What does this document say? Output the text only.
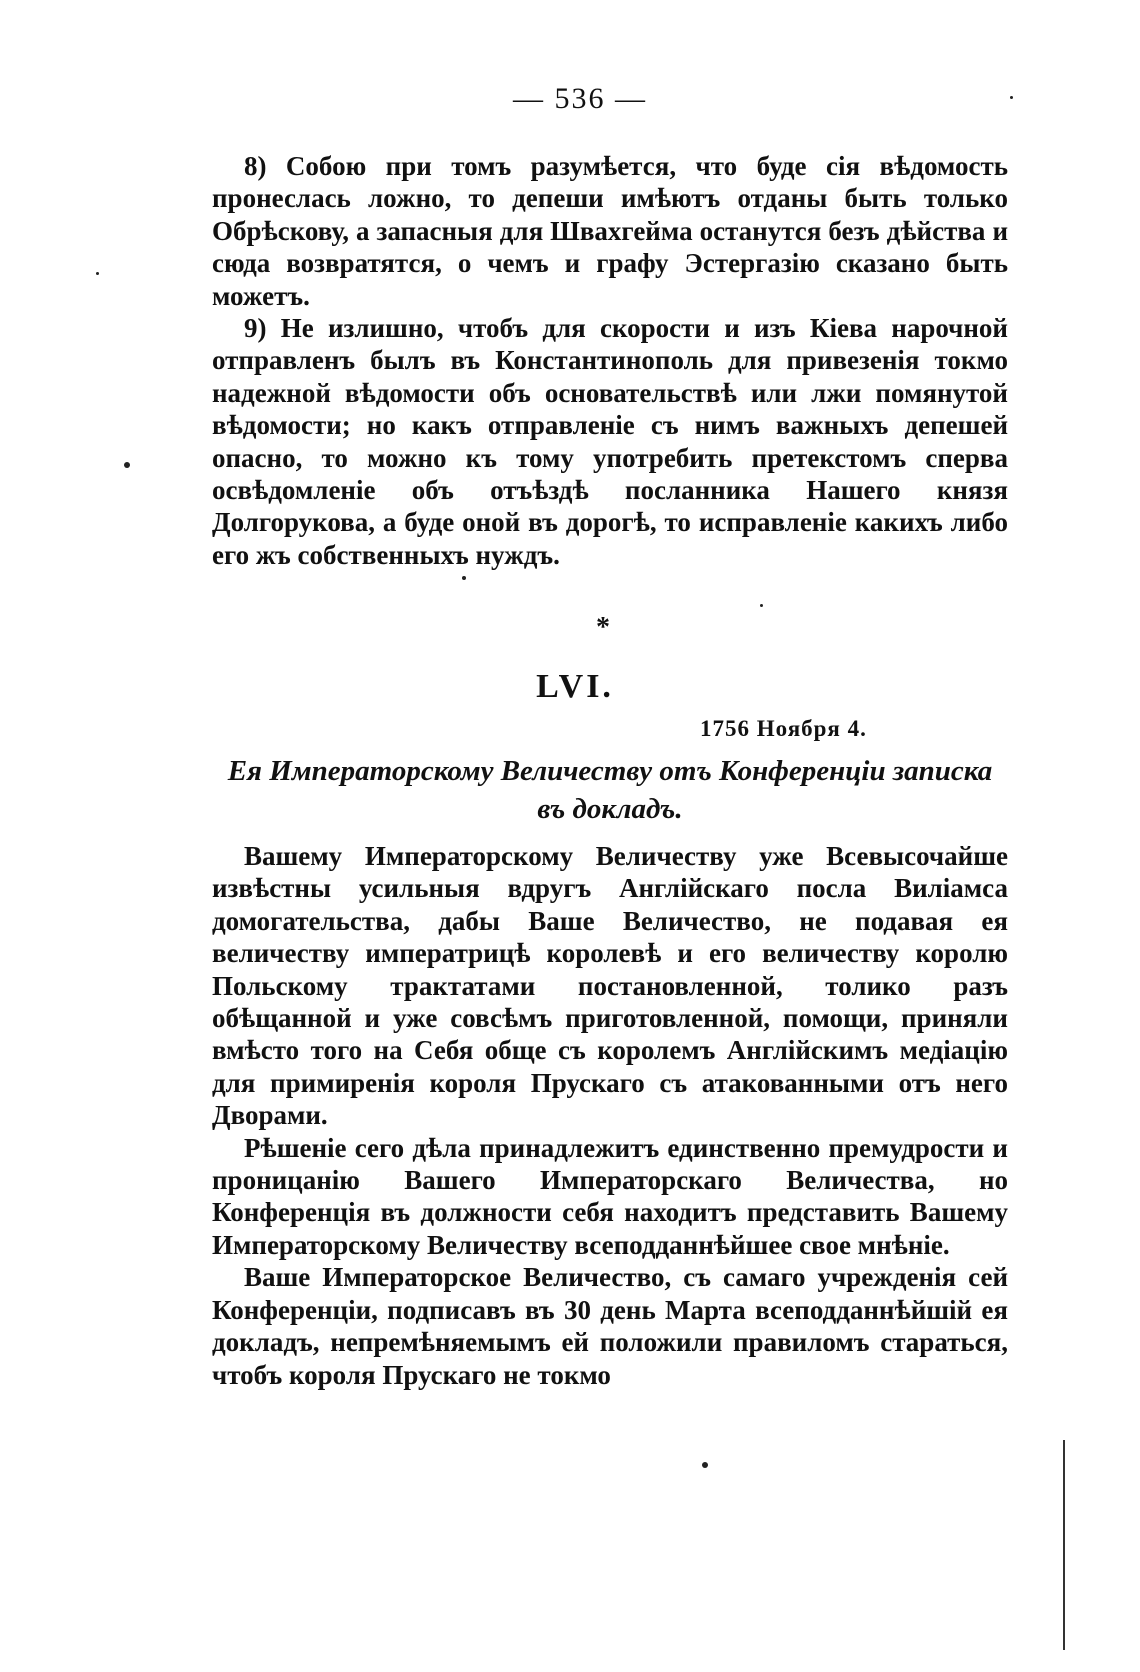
— 536 —

8) Собою при томъ разумѣется, что буде сія вѣдомость пронеслась ложно, то депеши имѣютъ отданы быть только Обрѣскову, а запасныя для Швахгейма останутся безъ дѣйства и сюда возвратятся, о чемъ и графу Эстергазію сказано быть можетъ.

9) Не излишно, чтобъ для скорости и изъ Кіева нарочной отправленъ былъ въ Константинополь для привезенія токмо надежной вѣдомости объ основательствѣ или лжи помянутой вѣдомости; но какъ отправленіе съ нимъ важныхъ депешей опасно, то можно къ тому употребить претекстомъ сперва освѣдомленіе объ отъѣздѣ посланника Нашего князя Долгорукова, а буде оной въ дорогѣ, то исправленіе какихъ либо его жъ собственныхъ нуждъ.

*
LVI.
1756 Ноября 4.
Ея Императорскому Величеству отъ Конференціи записка въ докладъ.

Вашему Императорскому Величеству уже Всевысочайше извѣстны усильныя вдругъ Англійскаго посла Виліамса домогательства, дабы Ваше Величество, не подавая ея величеству императрицѣ королевѣ и его величеству королю Польскому трактатами постановленной, толико разъ обѣщанной и уже совсѣмъ приготовленной, помощи, приняли вмѣсто того на Себя обще съ королемъ Англійскимъ медіацію для примиренія короля Прускаго съ атакованными отъ него Дворами.

Рѣшеніе сего дѣла принадлежитъ единственно премудрости и проницанію Вашего Императорскаго Величества, но Конференція въ должности себя находитъ представить Вашему Императорскому Величеству всеподданнѣйшее свое мнѣніе.

Ваше Императорское Величество, съ самаго учрежденія сей Конференціи, подписавъ въ 30 день Марта всеподданнѣйшій ея докладъ, непремѣняемымъ ей положили правиломъ стараться, чтобъ короля Прускаго не токмо
